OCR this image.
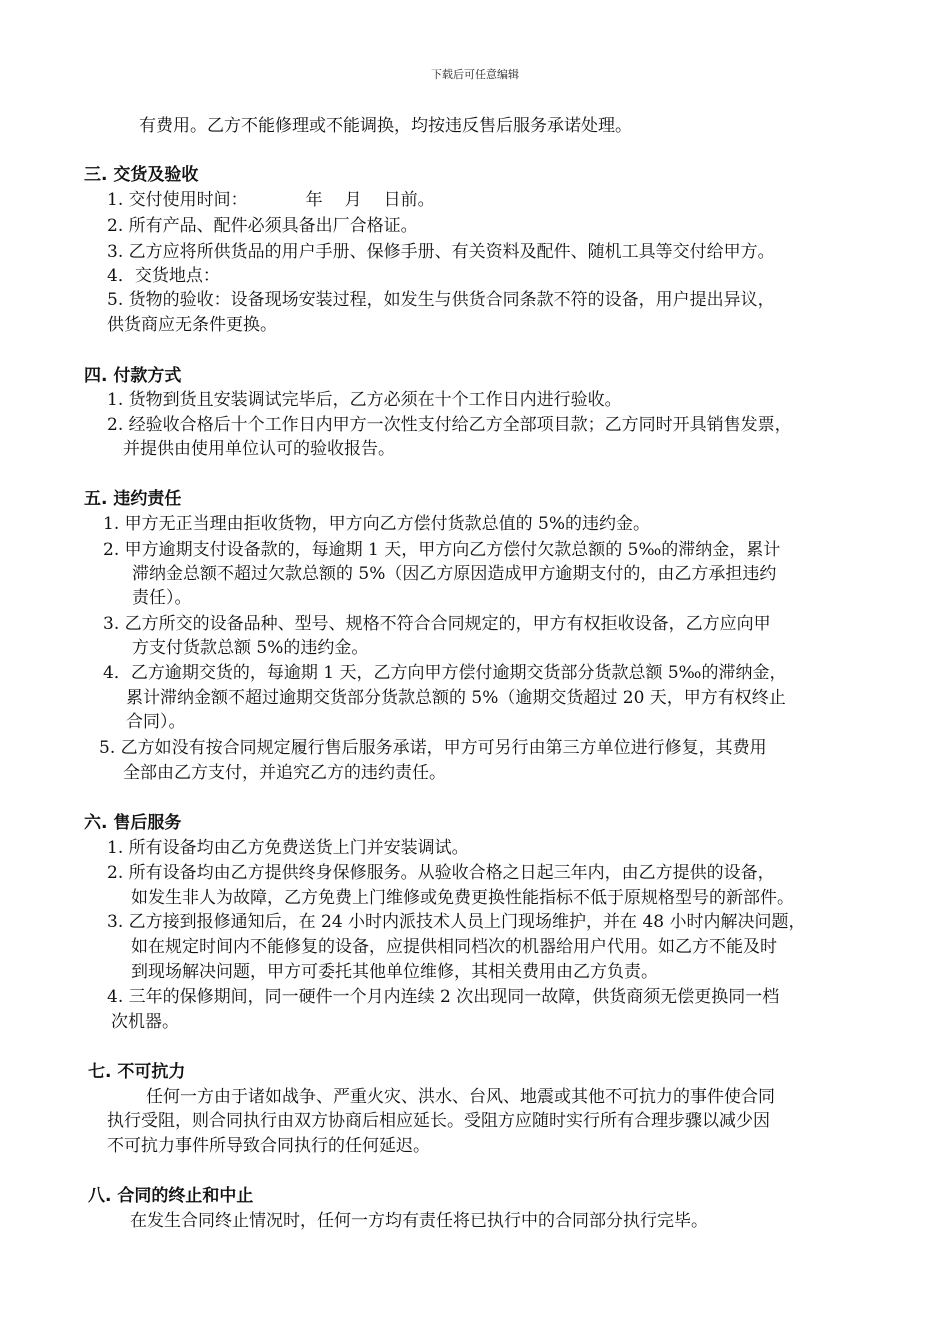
下载后可任意编辑
有费用。乙方不能修理或不能调换，均按违反售后服务承诺处理。
三. 交货及验收
1. 交付使用时间：	年 月 日前。
2. 所有产品、配件必须具备出厂合格证。
3. 乙方应将所供货品的用户手册、保修手册、有关资料及配件、随机工具等交付给甲方。
4．交货地点：
5. 货物的验收：设备现场安装过程，如发生与供货合同条款不符的设备，用户提出异议，
供货商应无条件更换。
四. 付款方式
1. 货物到货且安装调试完毕后，乙方必须在十个工作日内进行验收。
2. 经验收合格后十个工作日内甲方一次性支付给乙方全部项目款；乙方同时开具销售发票，
并提供由使用单位认可的验收报告。
五. 违约责任
1. 甲方无正当理由拒收货物，甲方向乙方偿付货款总值的 5%的违约金。
2. 甲方逾期支付设备款的，每逾期 1 天，甲方向乙方偿付欠款总额的 5‰的滞纳金，累计
滞纳金总额不超过欠款总额的 5%（因乙方原因造成甲方逾期支付的，由乙方承担违约
责任）。
3. 乙方所交的设备品种、型号、规格不符合合同规定的，甲方有权拒收设备，乙方应向甲
方支付货款总额 5%的违约金。
4．乙方逾期交货的，每逾期 1 天，乙方向甲方偿付逾期交货部分货款总额 5‰的滞纳金，
累计滞纳金额不超过逾期交货部分货款总额的 5%（逾期交货超过 20 天，甲方有权终止
合同）。
5. 乙方如没有按合同规定履行售后服务承诺，甲方可另行由第三方单位进行修复，其费用
全部由乙方支付，并追究乙方的违约责任。
六. 售后服务
1. 所有设备均由乙方免费送货上门并安装调试。
2. 所有设备均由乙方提供终身保修服务。从验收合格之日起三年内，由乙方提供的设备，
如发生非人为故障，乙方免费上门维修或免费更换性能指标不低于原规格型号的新部件。
3. 乙方接到报修通知后，在 24 小时内派技术人员上门现场维护，并在 48 小时内解决问题，
如在规定时间内不能修复的设备，应提供相同档次的机器给用户代用。如乙方不能及时
到现场解决问题，甲方可委托其他单位维修，其相关费用由乙方负责。
4. 三年的保修期间，同一硬件一个月内连续 2 次出现同一故障，供货商须无偿更换同一档
次机器。
七. 不可抗力
任何一方由于诸如战争、严重火灾、洪水、台风、地震或其他不可抗力的事件使合同
执行受阻，则合同执行由双方协商后相应延长。受阻方应随时实行所有合理步骤以减少因
不可抗力事件所导致合同执行的任何延迟。
八. 合同的终止和中止
在发生合同终止情况时，任何一方均有责任将已执行中的合同部分执行完毕。
